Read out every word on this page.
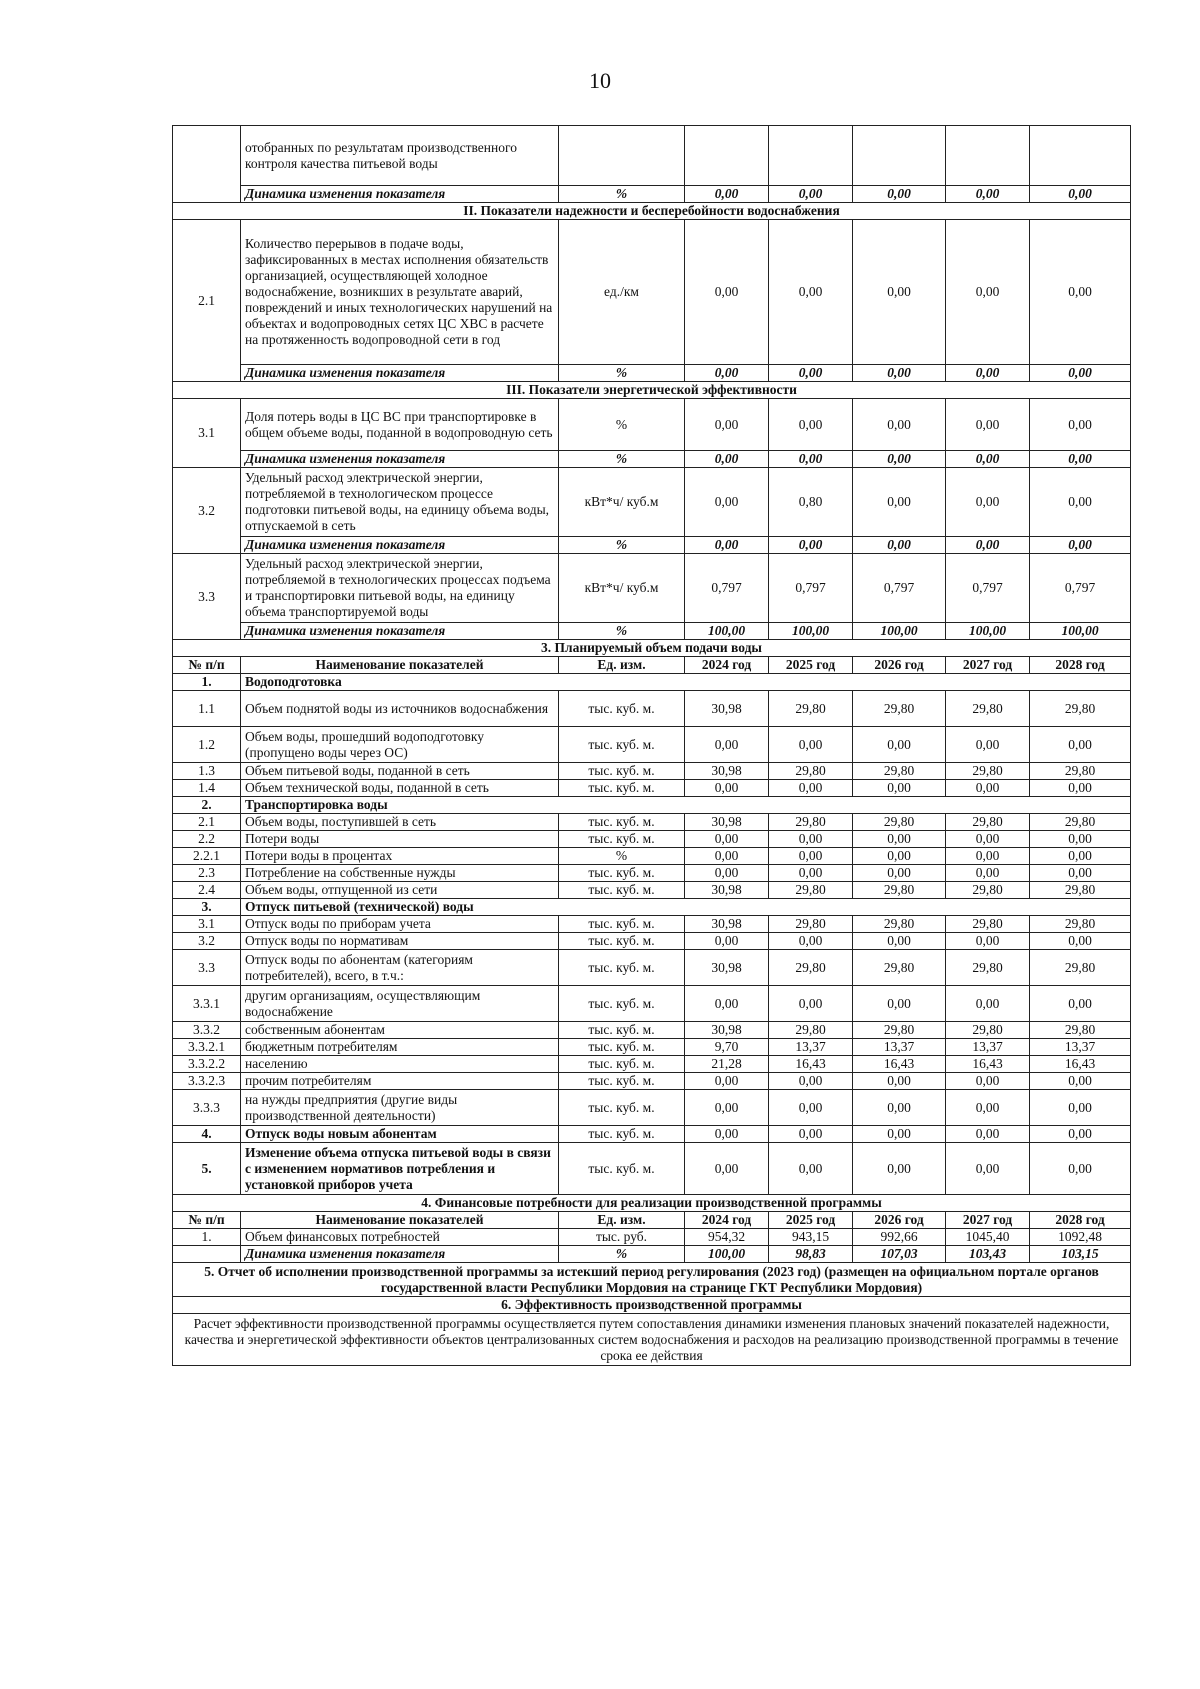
10
	отобранных по результатам производственного контроля качества питьевой воды						
	Динамика изменения показателя	%	0,00	0,00	0,00	0,00	0,00
II. Показатели надежности и бесперебойности водоснабжения							
2.1	Количество перерывов в подаче воды, зафиксированных в местах исполнения обязательств организацией, осуществляющей холодное водоснабжение, возникших в результате аварий, повреждений и иных технологических нарушений на объектах и водопроводных сетях ЦС ХВС в расчете на протяженность водопроводной сети в год	ед./км	0,00	0,00	0,00	0,00	0,00
	Динамика изменения показателя	%	0,00	0,00	0,00	0,00	0,00
III. Показатели энергетической эффективности							
3.1	Доля потерь воды в ЦС ВС при транспортировке в общем объеме воды, поданной в водопроводную сеть	%	0,00	0,00	0,00	0,00	0,00
	Динамика изменения показателя	%	0,00	0,00	0,00	0,00	0,00
3.2	Удельный расход электрической энергии, потребляемой в технологическом процессе подготовки питьевой воды, на единицу объема воды, отпускаемой в сеть	кВт*ч/ куб.м	0,00	0,80	0,00	0,00	0,00
	Динамика изменения показателя	%	0,00	0,00	0,00	0,00	0,00
3.3	Удельный расход электрической энергии, потребляемой в технологических процессах подъема и транспортировки питьевой воды, на единицу объема транспортируемой воды	кВт*ч/ куб.м	0,797	0,797	0,797	0,797	0,797
	Динамика изменения показателя	%	100,00	100,00	100,00	100,00	100,00
3. Планируемый объем подачи воды							
№ п/п	Наименование показателей	Ед. изм.	2024 год	2025 год	2026 год	2027 год	2028 год
1.	Водоподготовка						
1.1	Объем поднятой воды из источников водоснабжения	тыс. куб. м.	30,98	29,80	29,80	29,80	29,80
1.2	Объем воды, прошедший водоподготовку (пропущено воды через ОС)	тыс. куб. м.	0,00	0,00	0,00	0,00	0,00
1.3	Объем питьевой воды, поданной в сеть	тыс. куб. м.	30,98	29,80	29,80	29,80	29,80
1.4	Объем технической воды, поданной в сеть	тыс. куб. м.	0,00	0,00	0,00	0,00	0,00
2.	Транспортировка воды						
2.1	Объем воды, поступившей в сеть	тыс. куб. м.	30,98	29,80	29,80	29,80	29,80
2.2	Потери воды	тыс. куб. м.	0,00	0,00	0,00	0,00	0,00
2.2.1	Потери воды в процентах	%	0,00	0,00	0,00	0,00	0,00
2.3	Потребление на собственные нужды	тыс. куб. м.	0,00	0,00	0,00	0,00	0,00
2.4	Объем воды, отпущенной из сети	тыс. куб. м.	30,98	29,80	29,80	29,80	29,80
3.	Отпуск питьевой (технической) воды						
3.1	Отпуск воды по приборам учета	тыс. куб. м.	30,98	29,80	29,80	29,80	29,80
3.2	Отпуск воды по нормативам	тыс. куб. м.	0,00	0,00	0,00	0,00	0,00
3.3	Отпуск воды по абонентам (категориям потребителей), всего, в т.ч.:	тыс. куб. м.	30,98	29,80	29,80	29,80	29,80
3.3.1	другим организациям, осуществляющим водоснабжение	тыс. куб. м.	0,00	0,00	0,00	0,00	0,00
3.3.2	собственным абонентам	тыс. куб. м.	30,98	29,80	29,80	29,80	29,80
3.3.2.1	бюджетным потребителям	тыс. куб. м.	9,70	13,37	13,37	13,37	13,37
3.3.2.2	населению	тыс. куб. м.	21,28	16,43	16,43	16,43	16,43
3.3.2.3	прочим потребителям	тыс. куб. м.	0,00	0,00	0,00	0,00	0,00
3.3.3	на нужды предприятия (другие виды производственной деятельности)	тыс. куб. м.	0,00	0,00	0,00	0,00	0,00
4.	Отпуск воды новым абонентам	тыс. куб. м.	0,00	0,00	0,00	0,00	0,00
5.	Изменение объема отпуска питьевой воды в связи с изменением нормативов потребления и установкой приборов учета	тыс. куб. м.	0,00	0,00	0,00	0,00	0,00
4. Финансовые потребности для реализации производственной программы							
№ п/п	Наименование показателей	Ед. изм.	2024 год	2025 год	2026 год	2027 год	2028 год
1.	Объем финансовых потребностей	тыс. руб.	954,32	943,15	992,66	1045,40	1092,48
	Динамика изменения показателя	%	100,00	98,83	107,03	103,43	103,15
5. Отчет об исполнении производственной программы за истекший период регулирования (2023 год) (размещен на официальном портале органов государственной власти Республики Мордовия на странице ГКТ Республики Мордовия)							
6. Эффективность производственной программы							
Расчет эффективности производственной программы осуществляется путем сопоставления динамики изменения плановых значений показателей надежности, качества и энергетической эффективности объектов централизованных систем водоснабжения и расходов на реализацию производственной программы в течение срока ее действия							
